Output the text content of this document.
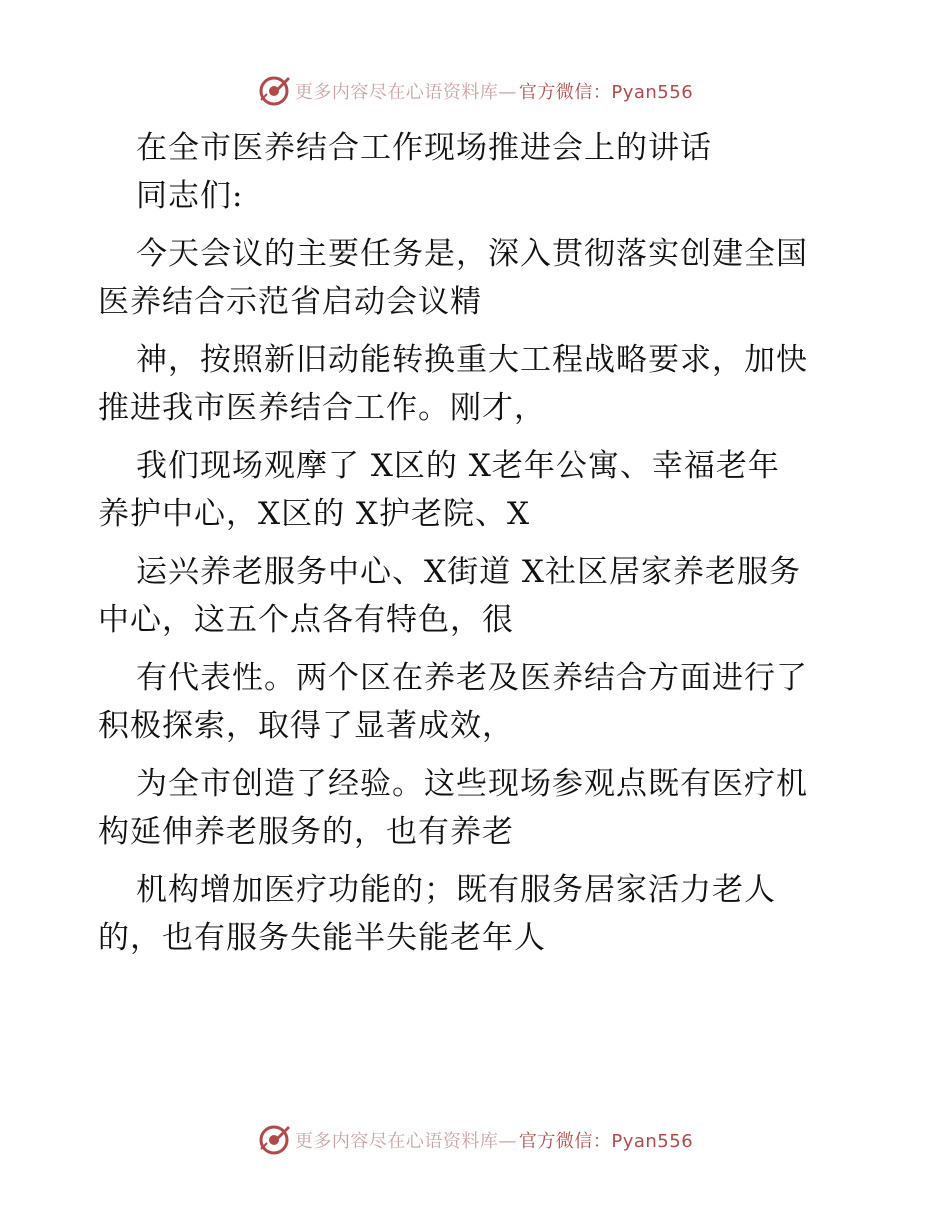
更多内容尽在心语资料库— 官方微信：Pyan556
在全市医养结合工作现场推进会上的讲话
同志们:
今天会议的主要任务是，深入贯彻落实创建全国
医养结合示范省启动会议精
神，按照新旧动能转换重大工程战略要求，加快
推进我市医养结合工作。刚才，
我们现场观摩了 X区的 X老年公寓、幸福老年
养护中心，X区的 X护老院、X
运兴养老服务中心、X街道 X社区居家养老服务
中心，这五个点各有特色，很
有代表性。两个区在养老及医养结合方面进行了
积极探索，取得了显著成效，
为全市创造了经验。这些现场参观点既有医疗机
构延伸养老服务的，也有养老
机构增加医疗功能的；既有服务居家活力老人
的，也有服务失能半失能老年人
更多内容尽在心语资料库— 官方微信：Pyan556
